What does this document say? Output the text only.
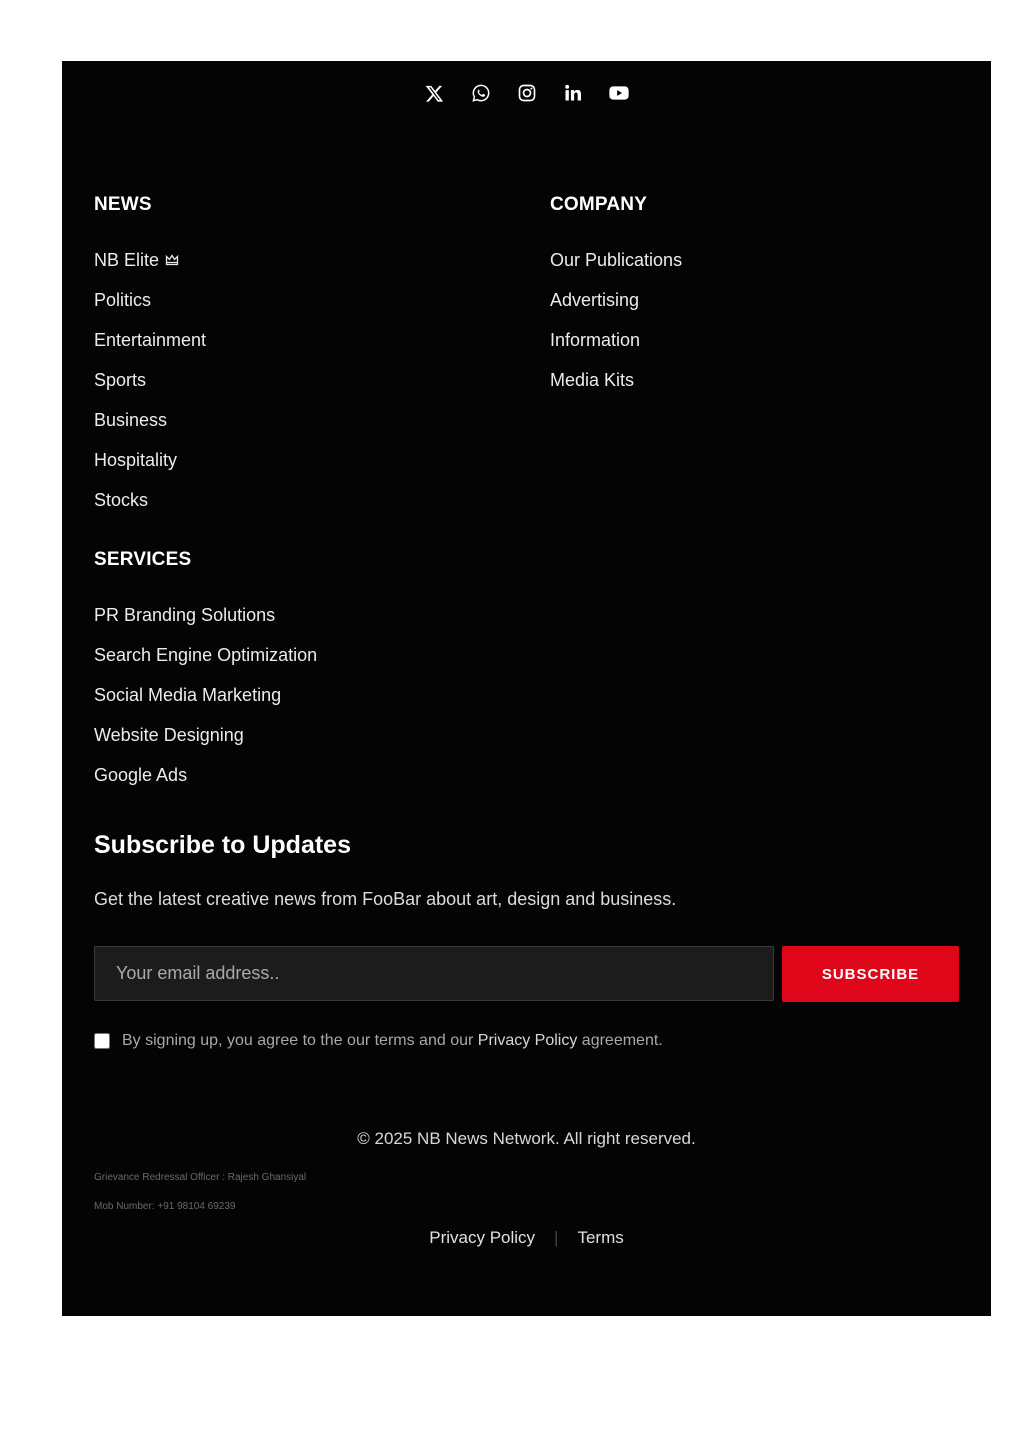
NEWS
NB Elite
Politics
Entertainment
Sports
Business
Hospitality
Stocks
COMPANY
Our Publications
Advertising
Information
Media Kits
SERVICES
PR Branding Solutions
Search Engine Optimization
Social Media Marketing
Website Designing
Google Ads
Subscribe to Updates

Get the latest creative news from FooBar about art, design and business.

Your email address..
SUBSCRIBE
By signing up, you agree to the our terms and our Privacy Policy agreement.
© 2025 NB News Network. All right reserved.
Grievance Redressal Officer : Rajesh Ghansiyal
Mob Number: +91 98104 69239
Privacy Policy | Terms
